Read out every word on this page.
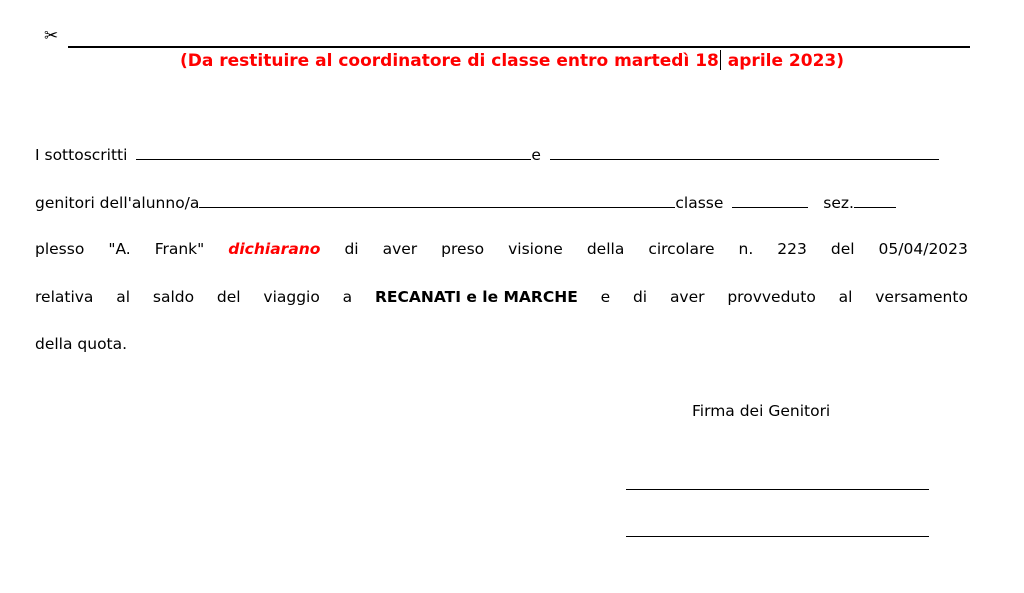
✂
(Da restituire al coordinatore di classe entro martedì 18 aprile 2023)
I sottoscritti	e
genitori dell'alunno/a	classe	sez.
plesso "A. Frank" dichiarano di aver preso visione della circolare n. 223 del 05/04/2023
relativa al saldo del viaggio a RECANATI e le MARCHE e di aver provveduto al versamento
della quota.
Firma dei Genitori
